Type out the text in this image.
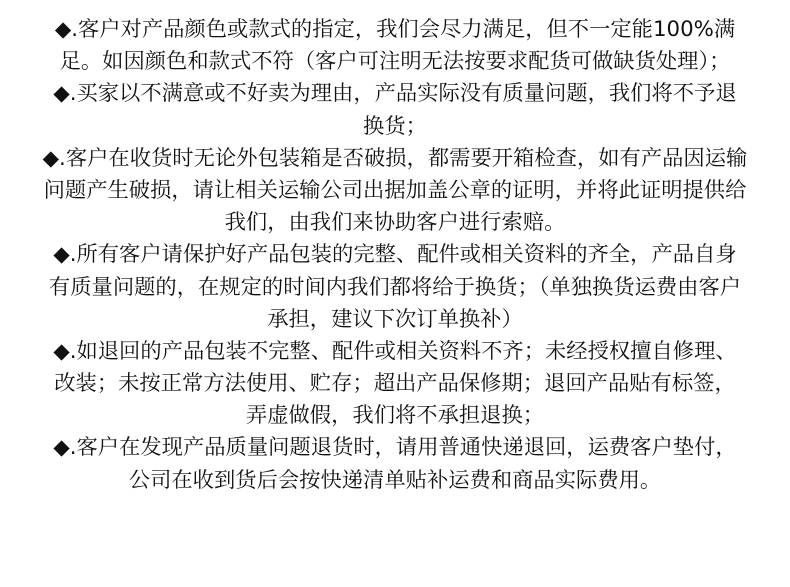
◆.客户对产品颜色或款式的指定，我们会尽力满足，但不一定能100%满
足。如因颜色和款式不符（客户可注明无法按要求配货可做缺货处理）；
◆.买家以不满意或不好卖为理由，产品实际没有质量问题，我们将不予退
换货；
◆.客户在收货时无论外包装箱是否破损，都需要开箱检查，如有产品因运输
问题产生破损，请让相关运输公司出据加盖公章的证明，并将此证明提供给
我们，由我们来协助客户进行索赔。
◆.所有客户请保护好产品包装的完整、配件或相关资料的齐全，产品自身
有质量问题的，在规定的时间内我们都将给于换货；（单独换货运费由客户
承担，建议下次订单换补）
◆.如退回的产品包装不完整、配件或相关资料不齐；未经授权擅自修理、
改装；未按正常方法使用、贮存；超出产品保修期；退回产品贴有标签，
弄虚做假，我们将不承担退换；
◆.客户在发现产品质量问题退货时，请用普通快递退回，运费客户垫付，
公司在收到货后会按快递清单贴补运费和商品实际费用。
